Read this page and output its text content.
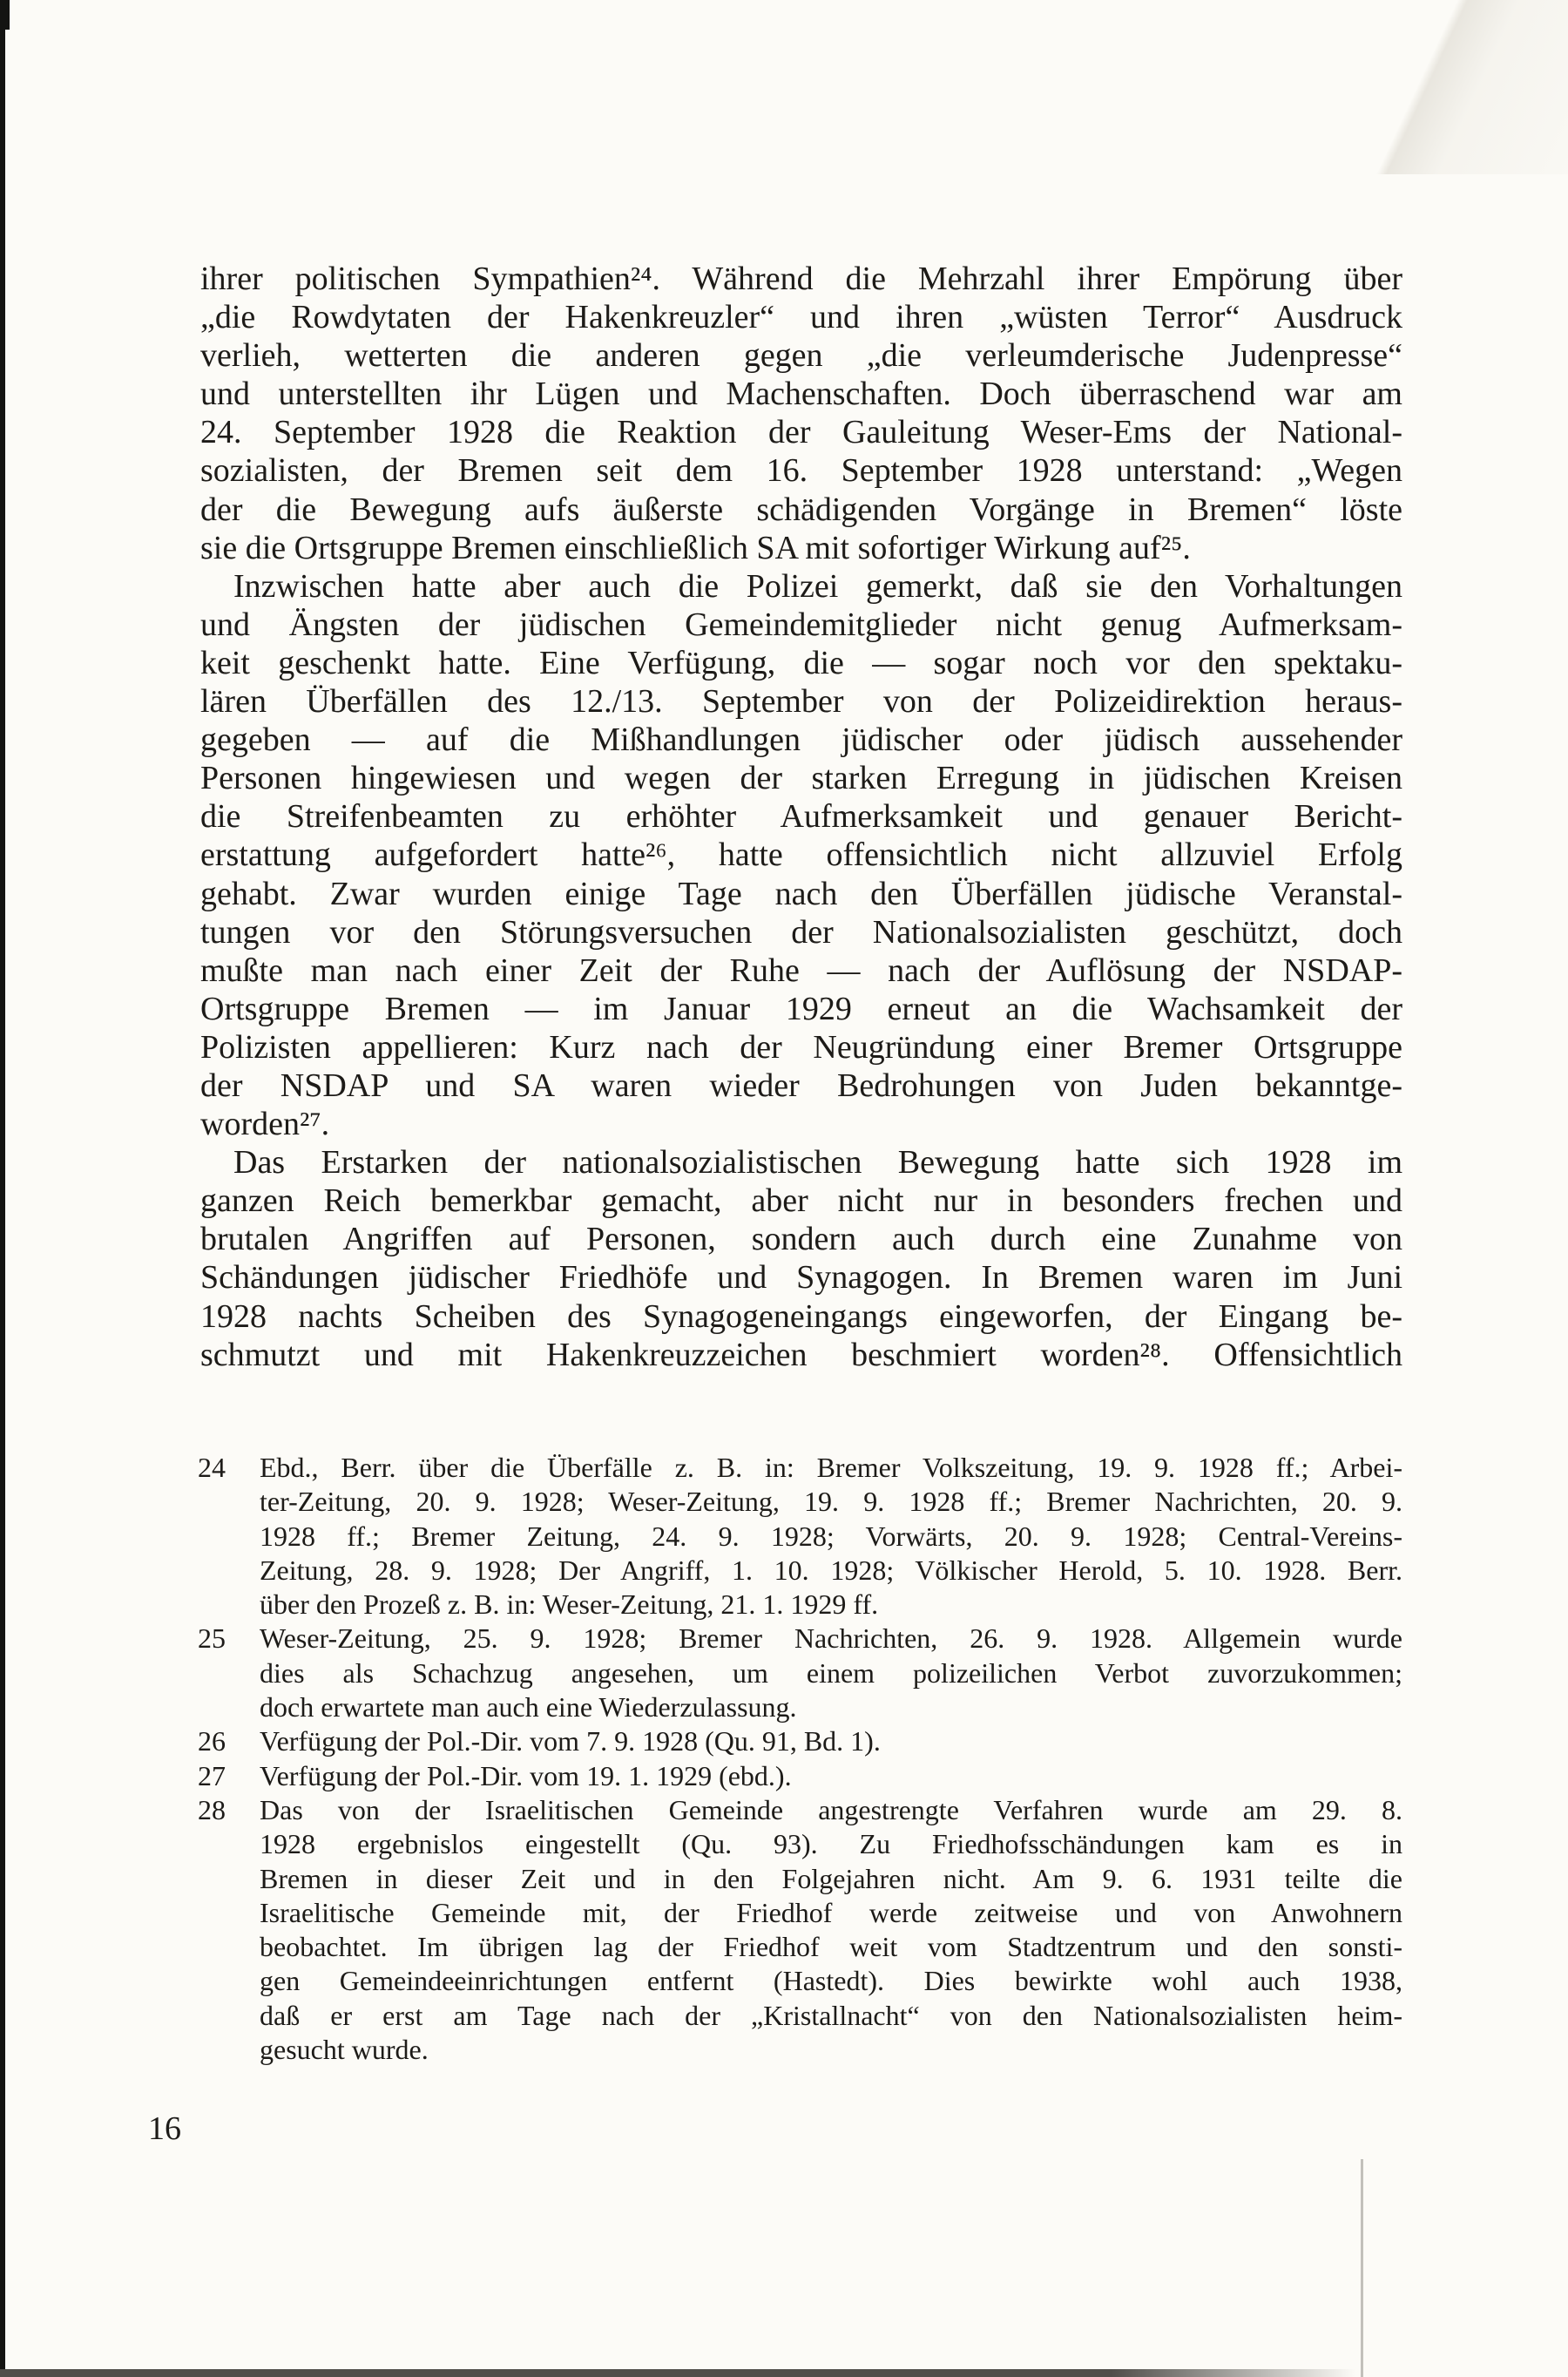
ihrer politischen Sympathien²⁴. Während die Mehrzahl ihrer Empörung über
„die Rowdytaten der Hakenkreuzler“ und ihren „wüsten Terror“ Ausdruck
verlieh, wetterten die anderen gegen „die verleumderische Judenpresse“
und unterstellten ihr Lügen und Machenschaften. Doch überraschend war am
24. September 1928 die Reaktion der Gauleitung Weser-Ems der National-
sozialisten, der Bremen seit dem 16. September 1928 unterstand: „Wegen
der die Bewegung aufs äußerste schädigenden Vorgänge in Bremen“ löste
sie die Ortsgruppe Bremen einschließlich SA mit sofortiger Wirkung auf²⁵.
Inzwischen hatte aber auch die Polizei gemerkt, daß sie den Vorhaltungen
und Ängsten der jüdischen Gemeindemitglieder nicht genug Aufmerksam-
keit geschenkt hatte. Eine Verfügung, die — sogar noch vor den spektaku-
lären Überfällen des 12./13. September von der Polizeidirektion heraus-
gegeben — auf die Mißhandlungen jüdischer oder jüdisch aussehender
Personen hingewiesen und wegen der starken Erregung in jüdischen Kreisen
die Streifenbeamten zu erhöhter Aufmerksamkeit und genauer Bericht-
erstattung aufgefordert hatte²⁶, hatte offensichtlich nicht allzuviel Erfolg
gehabt. Zwar wurden einige Tage nach den Überfällen jüdische Veranstal-
tungen vor den Störungsversuchen der Nationalsozialisten geschützt, doch
mußte man nach einer Zeit der Ruhe — nach der Auflösung der NSDAP-
Ortsgruppe Bremen — im Januar 1929 erneut an die Wachsamkeit der
Polizisten appellieren: Kurz nach der Neugründung einer Bremer Ortsgruppe
der NSDAP und SA waren wieder Bedrohungen von Juden bekanntge-
worden²⁷.
Das Erstarken der nationalsozialistischen Bewegung hatte sich 1928 im
ganzen Reich bemerkbar gemacht, aber nicht nur in besonders frechen und
brutalen Angriffen auf Personen, sondern auch durch eine Zunahme von
Schändungen jüdischer Friedhöfe und Synagogen. In Bremen waren im Juni
1928 nachts Scheiben des Synagogeneingangs eingeworfen, der Eingang be-
schmutzt und mit Hakenkreuzzeichen beschmiert worden²⁸. Offensichtlich
24 Ebd., Berr. über die Überfälle z. B. in: Bremer Volkszeitung, 19. 9. 1928 ff.; Arbei-
ter-Zeitung, 20. 9. 1928; Weser-Zeitung, 19. 9. 1928 ff.; Bremer Nachrichten, 20. 9.
1928 ff.; Bremer Zeitung, 24. 9. 1928; Vorwärts, 20. 9. 1928; Central-Vereins-
Zeitung, 28. 9. 1928; Der Angriff, 1. 10. 1928; Völkischer Herold, 5. 10. 1928. Berr.
über den Prozeß z. B. in: Weser-Zeitung, 21. 1. 1929 ff.
25 Weser-Zeitung, 25. 9. 1928; Bremer Nachrichten, 26. 9. 1928. Allgemein wurde
dies als Schachzug angesehen, um einem polizeilichen Verbot zuvorzukommen;
doch erwartete man auch eine Wiederzulassung.
26 Verfügung der Pol.-Dir. vom 7. 9. 1928 (Qu. 91, Bd. 1).
27 Verfügung der Pol.-Dir. vom 19. 1. 1929 (ebd.).
28 Das von der Israelitischen Gemeinde angestrengte Verfahren wurde am 29. 8.
1928 ergebnislos eingestellt (Qu. 93). Zu Friedhofsschändungen kam es in
Bremen in dieser Zeit und in den Folgejahren nicht. Am 9. 6. 1931 teilte die
Israelitische Gemeinde mit, der Friedhof werde zeitweise und von Anwohnern
beobachtet. Im übrigen lag der Friedhof weit vom Stadtzentrum und den sonsti-
gen Gemeindeeinrichtungen entfernt (Hastedt). Dies bewirkte wohl auch 1938,
daß er erst am Tage nach der „Kristallnacht“ von den Nationalsozialisten heim-
gesucht wurde.
16
